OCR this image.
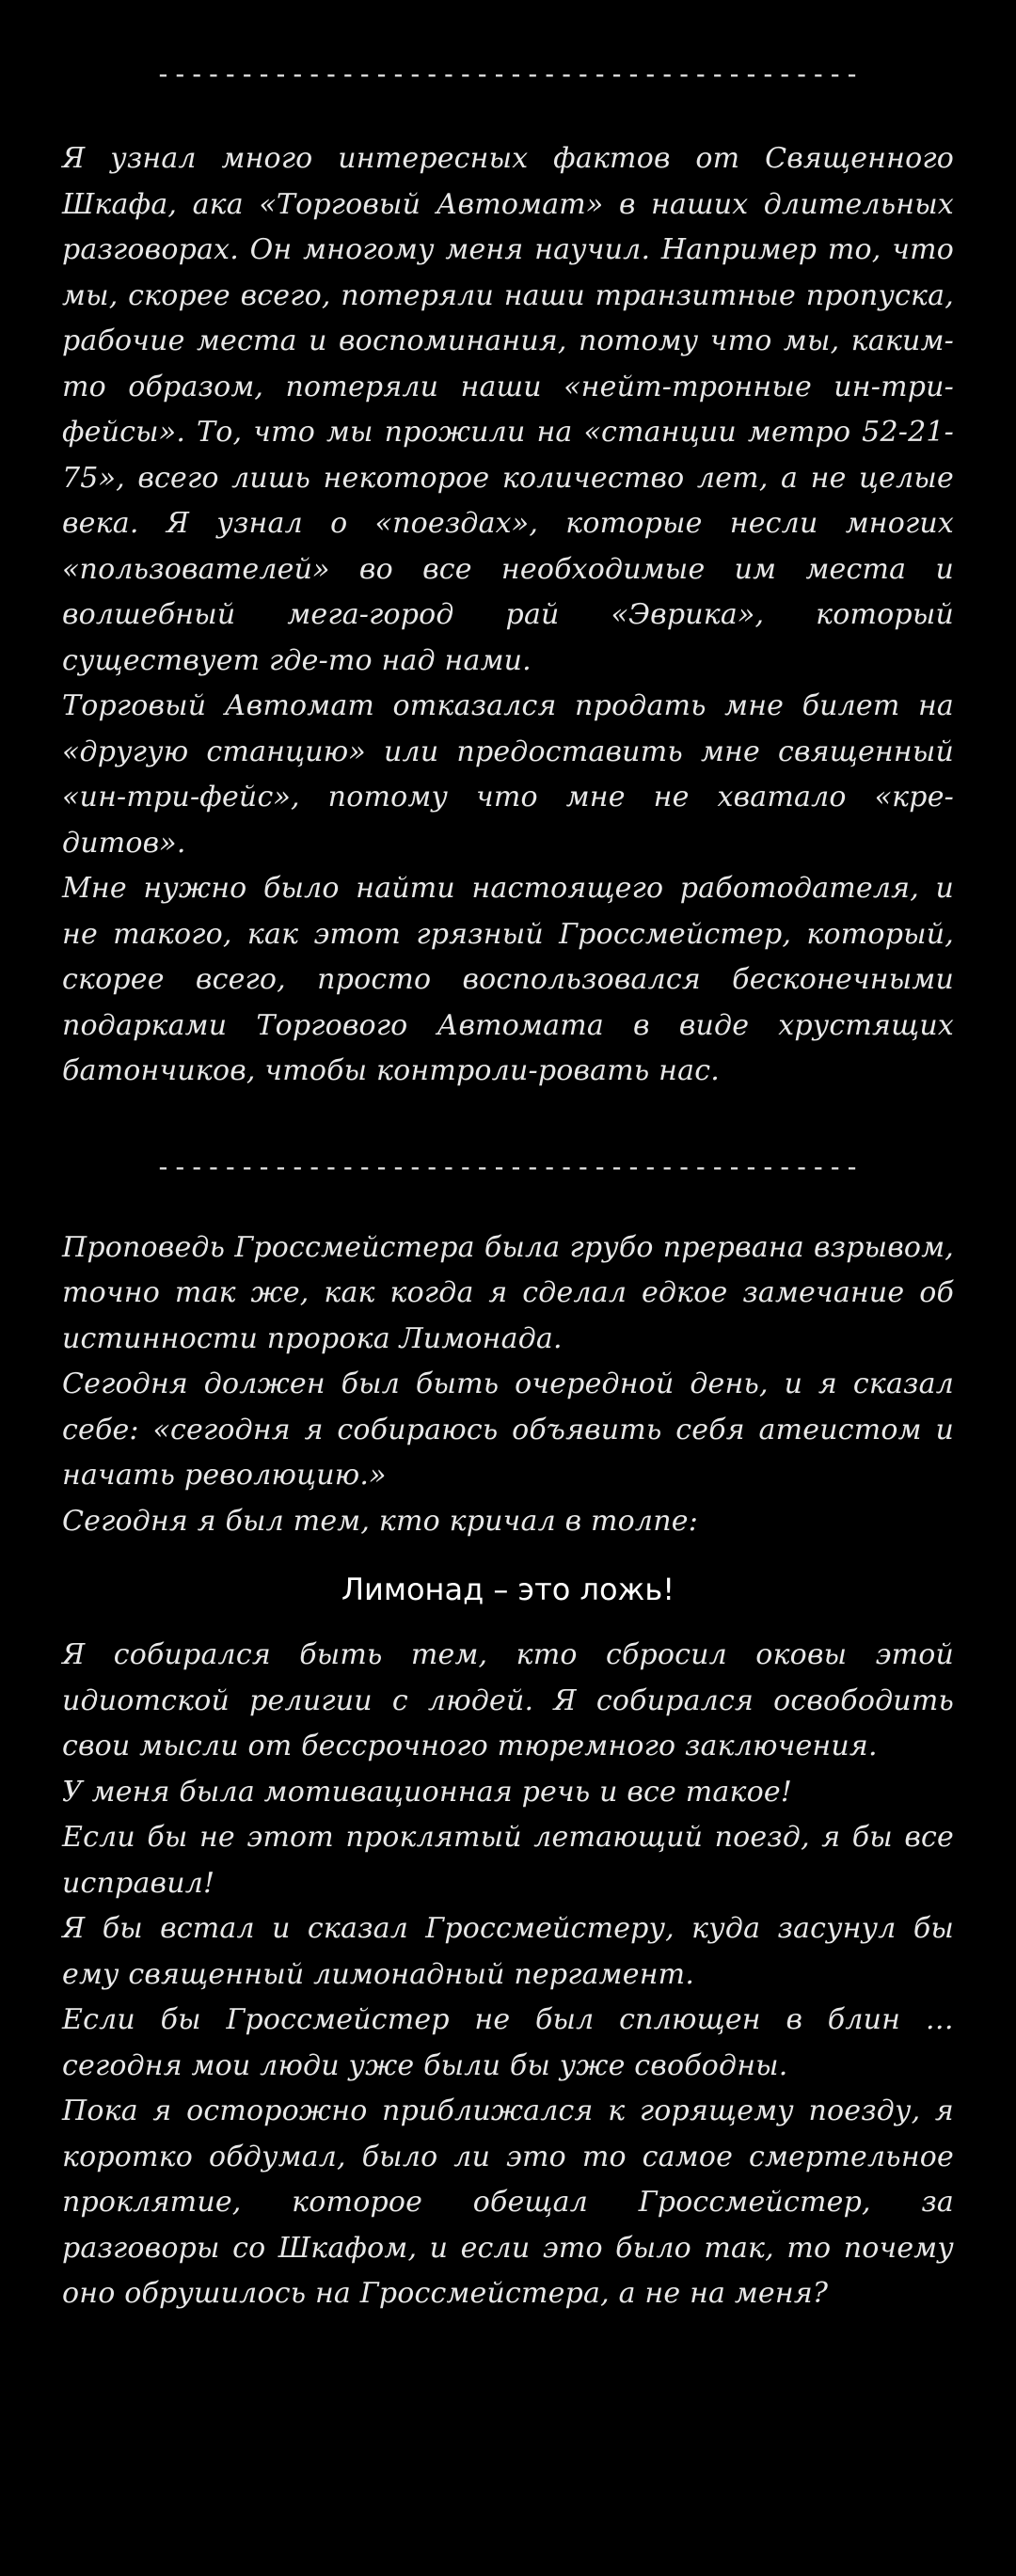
------------------------------------------

Я узнал много интересных фактов от Священного Шкафа, ака «Торговый Автомат» в наших длительных разговорах. Он многому меня научил. Например то, что мы, скорее всего, потеряли наши транзитные пропуска, рабочие места и воспоминания, потому что мы, каким-то образом, потеряли наши «нейт-тронные ин-три-фейсы». То, что мы прожили на «станции метро 52-21-75», всего лишь некоторое количество лет, а не целые века. Я узнал о «поездах», которые несли многих «пользователей» во все необходимые им места и волшебный мега-город рай «Эврика», который существует где-то над нами.

Торговый Автомат отказался продать мне билет на «другую станцию» или предоставить мне священный «ин-три-фейс», потому что мне не хватало «кре-дитов».

Мне нужно было найти настоящего работодателя, и не такого, как этот грязный Гроссмейстер, который, скорее всего, просто воспользовался бесконечными подарками Торгового Автомата в виде хрустящих батончиков, чтобы контроли-ровать нас.

------------------------------------------

Проповедь Гроссмейстера была грубо прервана взрывом, точно так же, как когда я сделал едкое замечание об истинности пророка Лимонада.

Сегодня должен был быть очередной день, и я сказал себе: «сегодня я собираюсь объявить себя атеистом и начать революцию.»

Сегодня я был тем, кто кричал в толпе:

Лимонад – это ложь!

Я собирался быть тем, кто сбросил оковы этой идиотской религии с людей. Я собирался освободить свои мысли от бессрочного тюремного заключения.

У меня была мотивационная речь и все такое!

Если бы не этот проклятый летающий поезд, я бы все исправил!

Я бы встал и сказал Гроссмейстеру, куда засунул бы ему священный лимонадный пергамент.

Если бы Гроссмейстер не был сплющен в блин … сегодня мои люди уже были бы уже свободны.

Пока я осторожно приближался к горящему поезду, я коротко обдумал, было ли это то самое смертельное проклятие, которое обещал Гроссмейстер, за разговоры со Шкафом, и если это было так, то почему оно обрушилось на Гроссмейстера, а не на меня?
